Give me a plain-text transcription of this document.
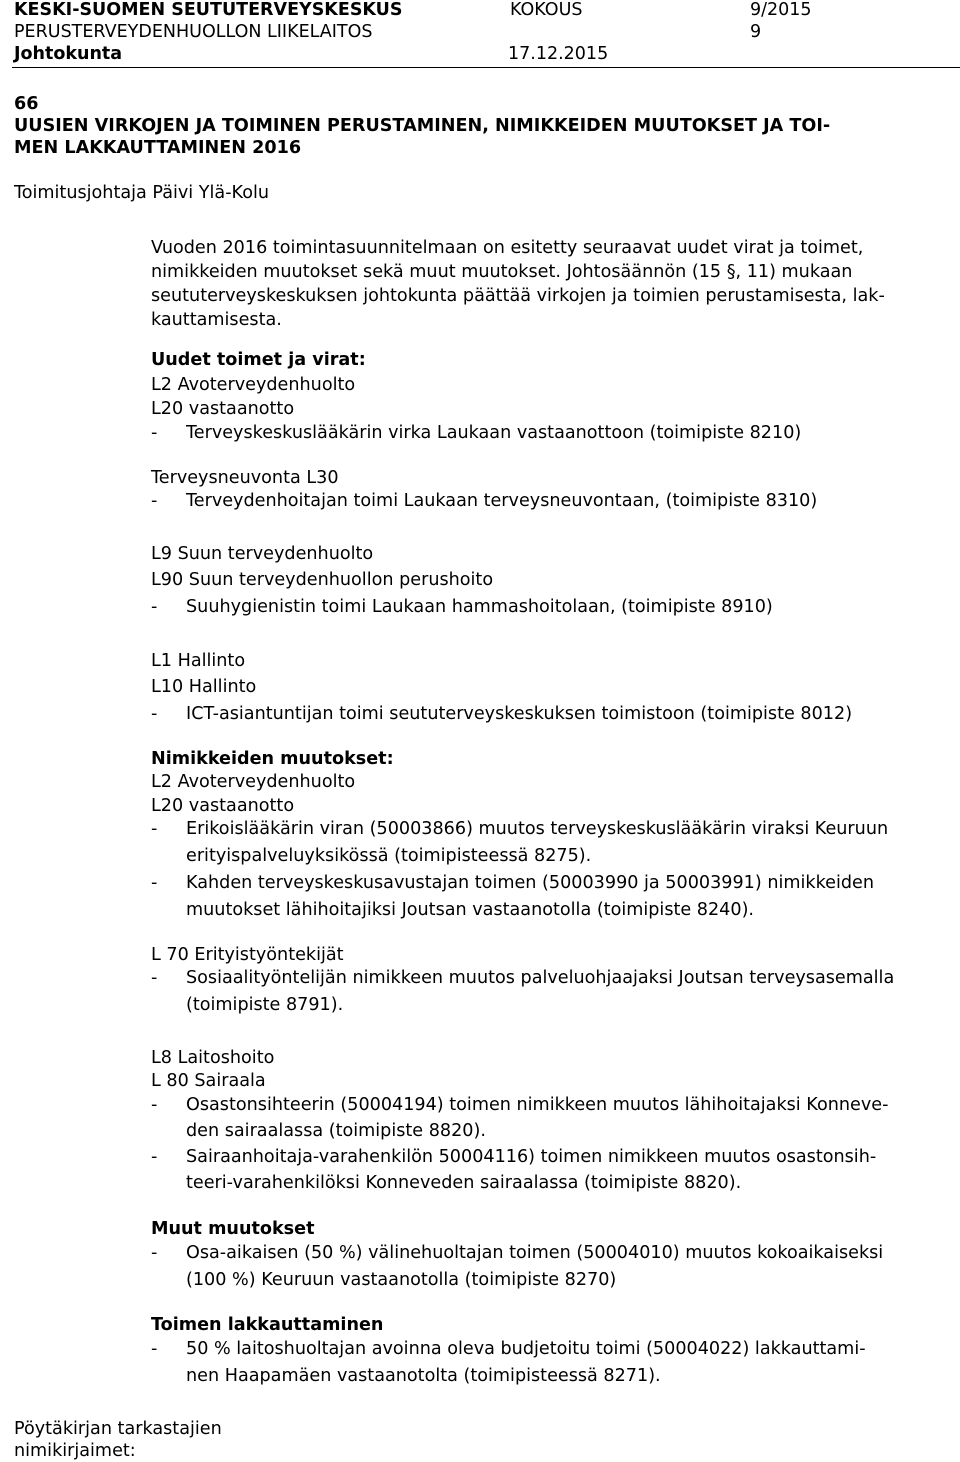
KESKI-SUOMEN SEUTUTERVEYSKESKUS	KOKOUS	9/2015
PERUSTERVEYDENHUOLLON LIIKELAITOS	9
Johtokunta	17.12.2015
66
UUSIEN VIRKOJEN JA TOIMINEN PERUSTAMINEN, NIMIKKEIDEN MUUTOKSET JA TOI-
MEN LAKKAUTTAMINEN 2016
Toimitusjohtaja Päivi Ylä-Kolu
Vuoden 2016 toimintasuunnitelmaan on esitetty seuraavat uudet virat ja toimet,
nimikkeiden muutokset sekä muut muutokset. Johtosäännön (15 §, 11) mukaan
seututerveyskeskuksen johtokunta päättää virkojen ja toimien perustamisesta, lak-
kauttamisesta.
Uudet toimet ja virat:
L2 Avoterveydenhuolto
L20 vastaanotto
- Terveyskeskuslääkärin virka Laukaan vastaanottoon (toimipiste 8210)
Terveysneuvonta L30
- Terveydenhoitajan toimi Laukaan terveysneuvontaan, (toimipiste 8310)
L9 Suun terveydenhuolto
L90 Suun terveydenhuollon perushoito
- Suuhygienistin toimi Laukaan hammashoitolaan, (toimipiste 8910)
L1 Hallinto
L10 Hallinto
- ICT-asiantuntijan toimi seututerveyskeskuksen toimistoon (toimipiste 8012)
Nimikkeiden muutokset:
L2 Avoterveydenhuolto
L20 vastaanotto
- Erikoislääkärin viran (50003866) muutos terveyskeskuslääkärin viraksi Keuruun
erityispalveluyksikössä (toimipisteessä 8275).
- Kahden terveyskeskusavustajan toimen (50003990 ja 50003991) nimikkeiden
muutokset lähihoitajiksi Joutsan vastaanotolla (toimipiste 8240).
L 70 Erityistyöntekijät
- Sosiaalityöntelijän nimikkeen muutos palveluohjaajaksi Joutsan terveysasemalla
(toimipiste 8791).
L8 Laitoshoito
L 80 Sairaala
- Osastonsihteerin (50004194) toimen nimikkeen muutos lähihoitajaksi Konneve-
den sairaalassa (toimipiste 8820).
- Sairaanhoitaja-varahenkilön 50004116) toimen nimikkeen muutos osastonsih-
teeri-varahenkilöksi Konneveden sairaalassa (toimipiste 8820).
Muut muutokset
- Osa-aikaisen (50 %) välinehuoltajan toimen (50004010) muutos kokoaikaiseksi
(100 %) Keuruun vastaanotolla (toimipiste 8270)
Toimen lakkauttaminen
- 50 % laitoshuoltajan avoinna oleva budjetoitu toimi (50004022) lakkauttami-
nen Haapamäen vastaanotolta (toimipisteessä 8271).
Pöytäkirjan tarkastajien
nimikirjaimet:
